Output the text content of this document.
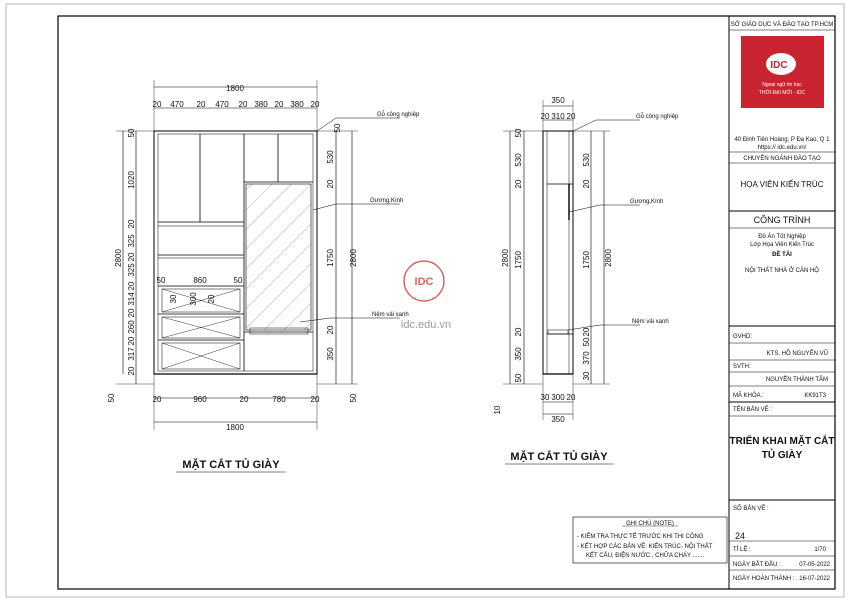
1800
20 470 20 470 20 380 20 380 20
20	960	20	780	20
1800
2800
50
1020
20
325
20
325
20
314
20
260
20
317
20
50
2800
530
20
1750
20
350
50
50
50	860	50
30 300 20
Gỗ công nghiệp
Gương,Kính
Nệm vải xanh
MẶT CẮT TỦ GIÀY
350
20 310 20
30 300 20
350
2800
50
530
20
1750
20
350
50
10
2800
530
20
1750
20
50
370
30
Gỗ công nghiệp
Gương,Kính
Nệm vải xanh
MẶT CẮT TỦ GIÀY
IDC
idc.edu.vn
GHI CHÚ (NOTE)
- KIỂM TRA THỰC TẾ TRƯỚC KHI THI CÔNG
- KẾT HỢP CÁC BẢN VẼ: KIẾN TRÚC- NỘI THẤT
KẾT CẤU, ĐIỆN NƯỚC , CHỮA CHÁY .......
SỞ GIÁO DỤC VÀ ĐÀO TẠO TP.HCM
IDC
Ngoại ngữ tin học
THỜI ĐẠI MỚI - IDC
40 Đinh Tiên Hoàng, P Đa Kao, Q 1
https:// idc.edu.vn/
CHUYÊN NGÀNH ĐÀO TẠO
HỌA VIÊN KIẾN TRÚC
CÔNG TRÌNH
Đồ Án Tốt Nghiệp
Lớp Họa Viên Kiến Trúc
ĐỀ TÀI
NỘI THẤT NHÀ Ở CĂN HỘ
GVHD:
KTS. HỒ NGUYÊN VŨ
SVTH:
NGUYỄN THÀNH TÂM
MÃ KHÓA :	KK91T3
TÊN BẢN VẼ :
TRIỂN KHAI MẶT CẮT
TỦ GIÀY
SỐ BẢN VẼ :
24
TỈ LỆ :	1/70
NGÀY BẮT ĐẦU :	07-05-2022
NGÀY HOÀN THÀNH : 16-07-2022
